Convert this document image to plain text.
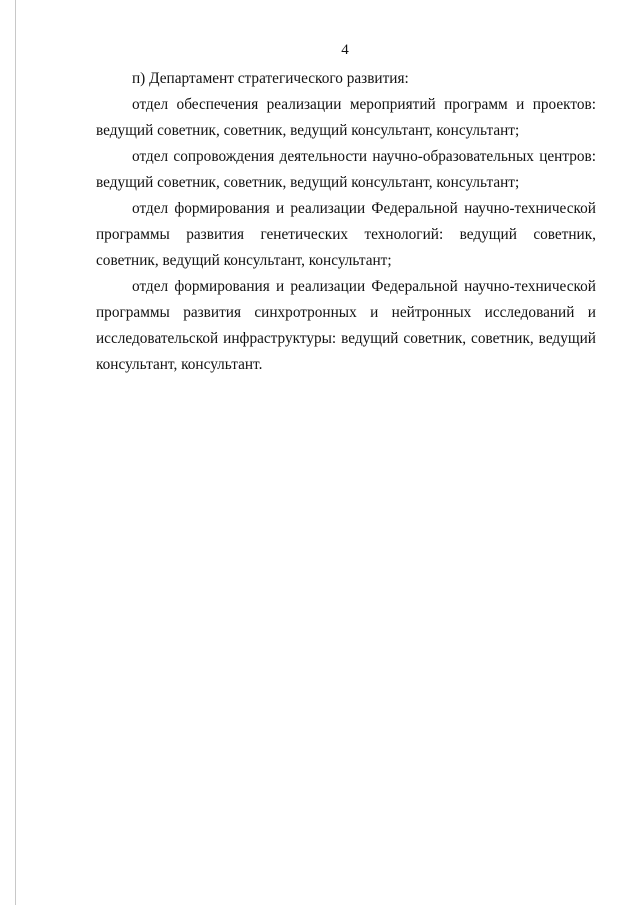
4

п) Департамент стратегического развития:

отдел обеспечения реализации мероприятий программ и проектов: ведущий советник, советник, ведущий консультант, консультант;

отдел сопровождения деятельности научно-образовательных центров: ведущий советник, советник, ведущий консультант, консультант;

отдел формирования и реализации Федеральной научно-технической программы развития генетических технологий: ведущий советник, советник, ведущий консультант, консультант;

отдел формирования и реализации Федеральной научно-технической программы развития синхротронных и нейтронных исследований и исследовательской инфраструктуры: ведущий советник, советник, ведущий консультант, консультант.
